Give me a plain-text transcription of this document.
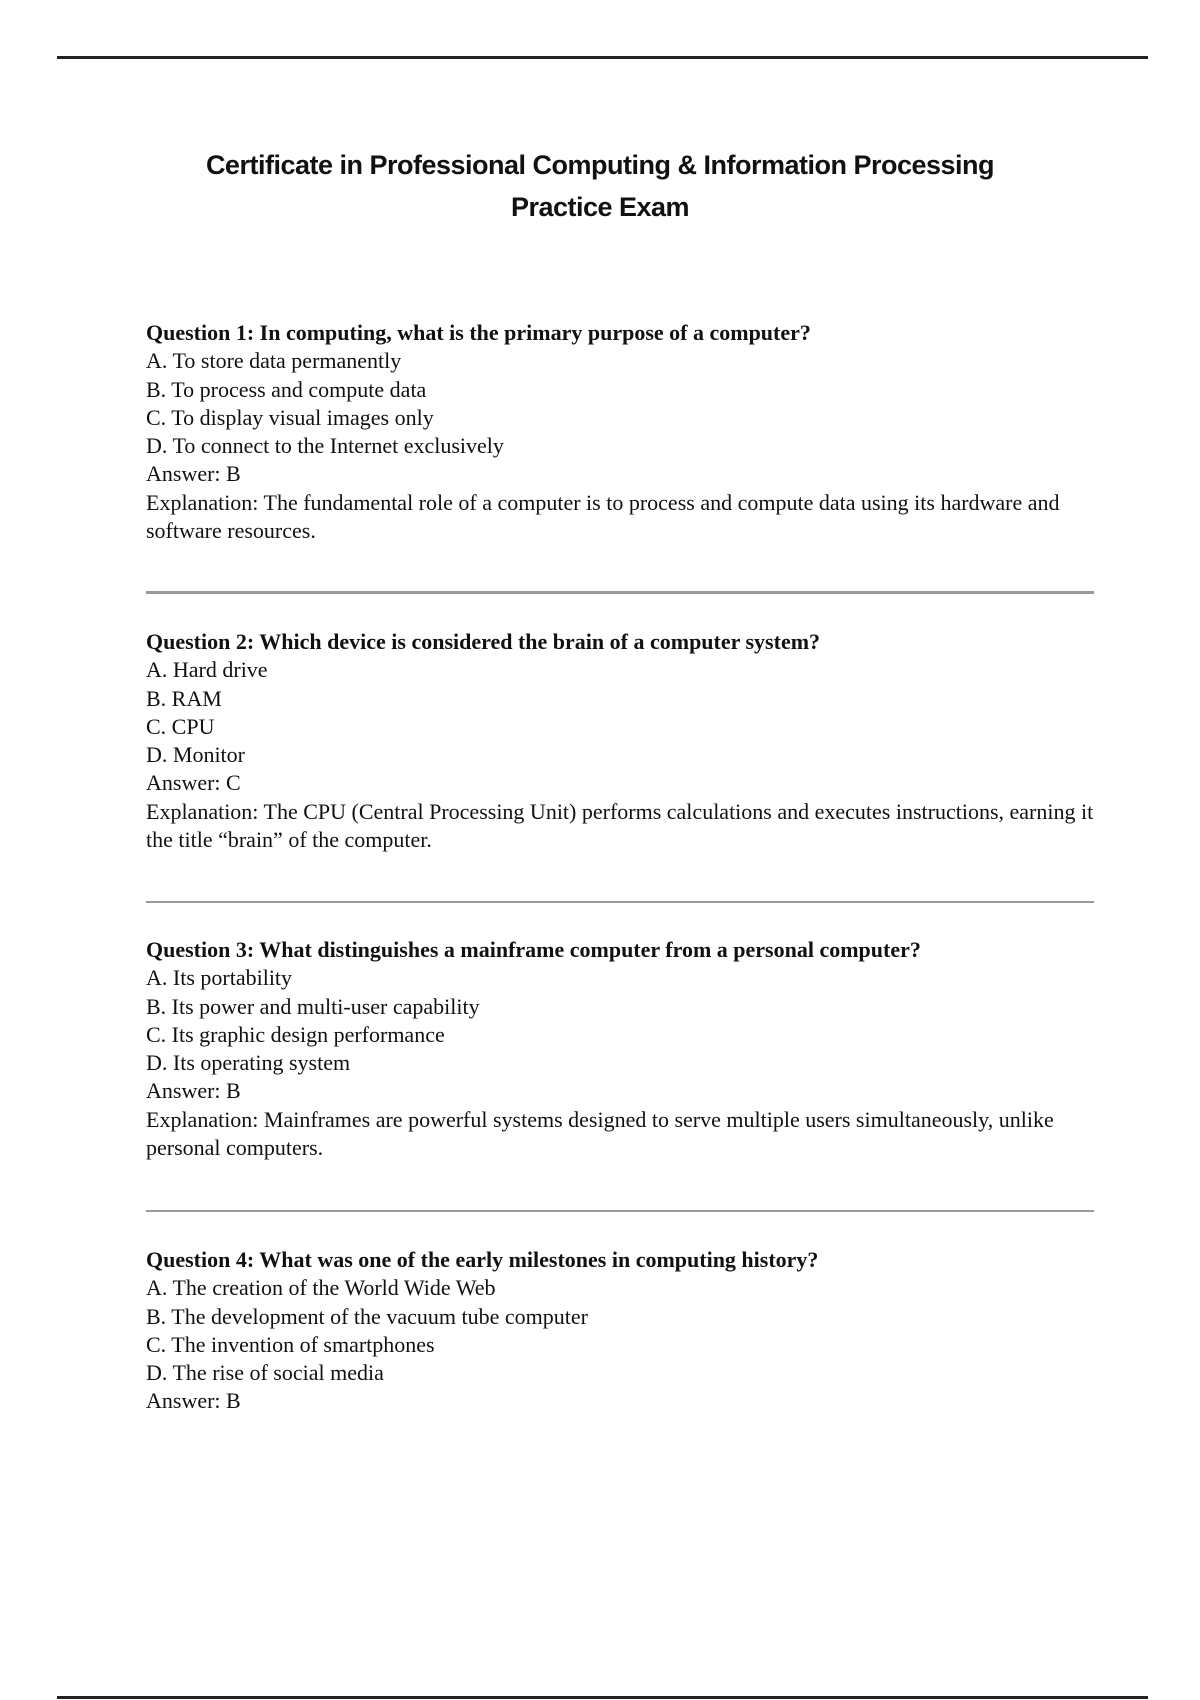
Certificate in Professional Computing & Information Processing
Practice Exam
Question 1: In computing, what is the primary purpose of a computer?
A. To store data permanently
B. To process and compute data
C. To display visual images only
D. To connect to the Internet exclusively
Answer: B
Explanation: The fundamental role of a computer is to process and compute data using its hardware and software resources.
Question 2: Which device is considered the brain of a computer system?
A. Hard drive
B. RAM
C. CPU
D. Monitor
Answer: C
Explanation: The CPU (Central Processing Unit) performs calculations and executes instructions, earning it the title “brain” of the computer.
Question 3: What distinguishes a mainframe computer from a personal computer?
A. Its portability
B. Its power and multi-user capability
C. Its graphic design performance
D. Its operating system
Answer: B
Explanation: Mainframes are powerful systems designed to serve multiple users simultaneously, unlike personal computers.
Question 4: What was one of the early milestones in computing history?
A. The creation of the World Wide Web
B. The development of the vacuum tube computer
C. The invention of smartphones
D. The rise of social media
Answer: B
